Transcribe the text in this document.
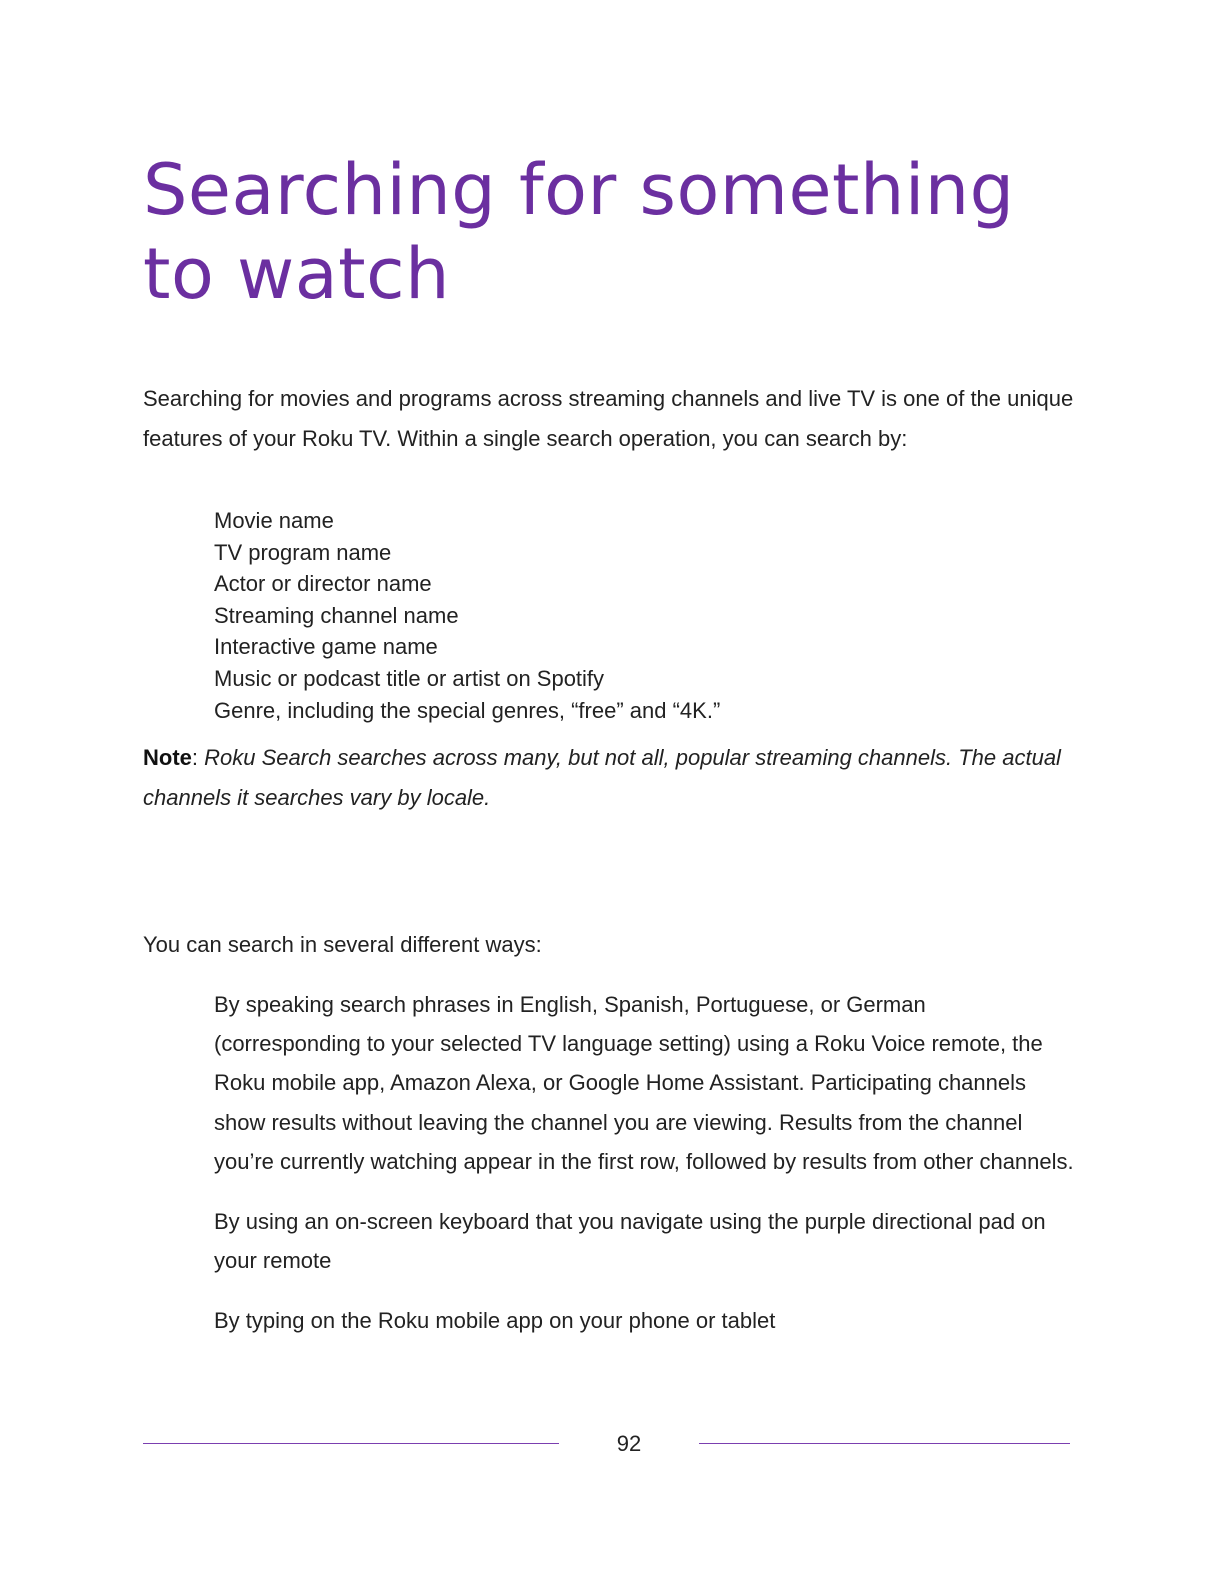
Searching for something
to watch

Searching for movies and programs across streaming channels and live TV is one of the unique features of your Roku TV. Within a single search operation, you can search by:

Movie name
TV program name
Actor or director name
Streaming channel name
Interactive game name
Music or podcast title or artist on Spotify
Genre, including the special genres, “free” and “4K.”

Note: Roku Search searches across many, but not all, popular streaming channels. The actual channels it searches vary by locale.

You can search in several different ways:

By speaking search phrases in English, Spanish, Portuguese, or German (corresponding to your selected TV language setting) using a Roku Voice remote, the Roku mobile app, Amazon Alexa, or Google Home Assistant. Participating channels show results without leaving the channel you are viewing. Results from the channel you’re currently watching appear in the first row, followed by results from other channels.
By using an on-screen keyboard that you navigate using the purple directional pad on your remote
By typing on the Roku mobile app on your phone or tablet
92
